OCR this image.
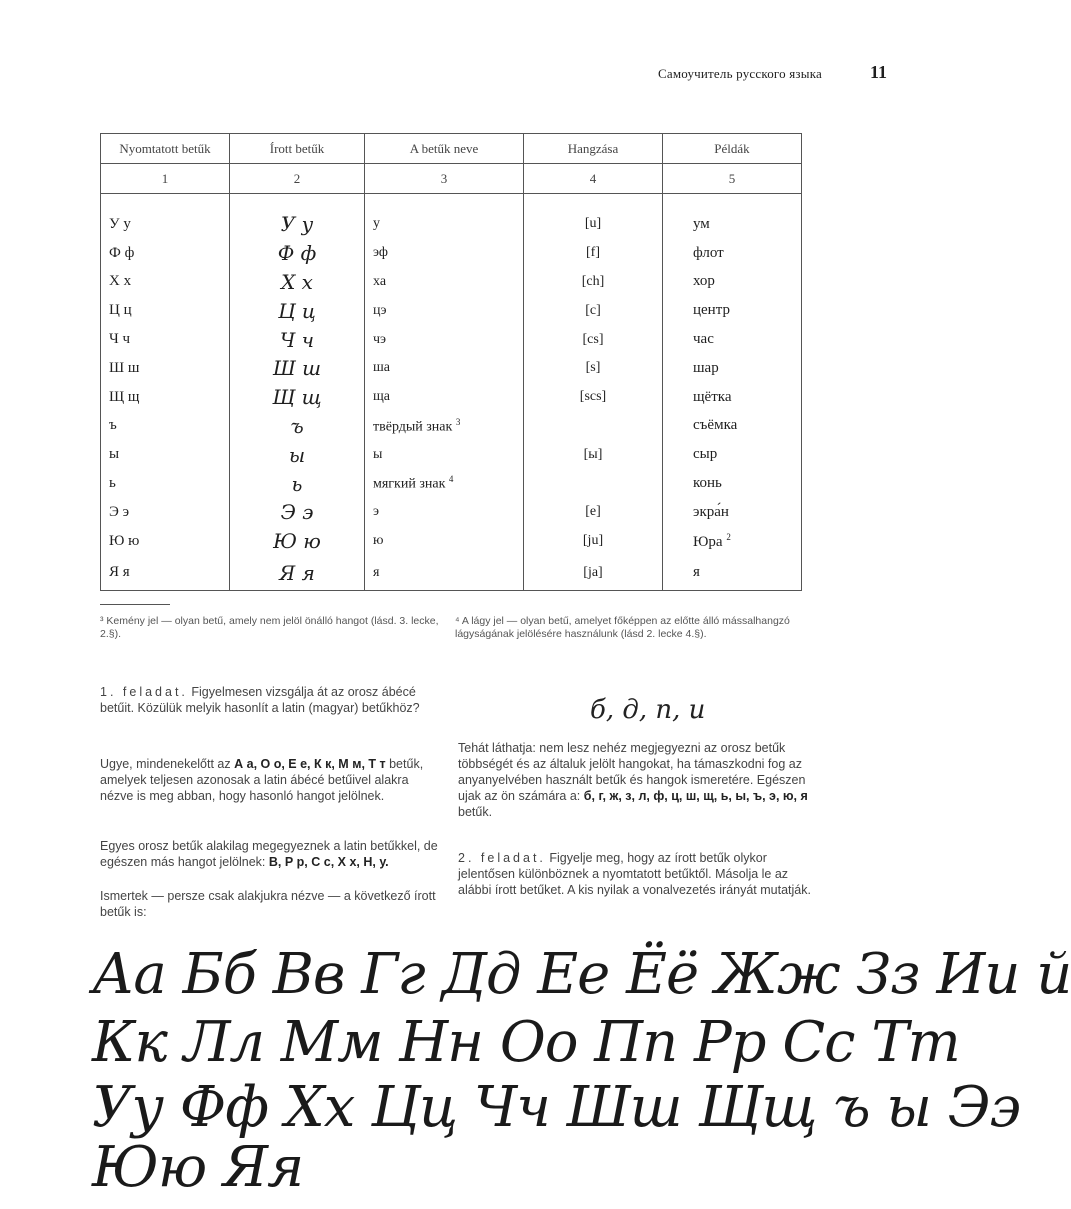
Самоучитель русского языка	11
Nyomtatott betűk	Írott betűk	A betűk neve	Hangzása	Példák
1	2	3	4	5

У у	У у	у	[u]	ум
Ф ф	Ф ф	эф	[f]	флот
Х х	Х х	ха	[ch]	хор
Ц ц	Ц ц	цэ	[c]	центр
Ч ч	Ч ч	чэ	[cs]	час
Ш ш	Ш ш	ша	[s]	шар
Щ щ	Щ щ	ща	[scs]	щётка
ъ	ъ	твёрдый знак $^3$		съёмка
ы	ы	ы	[ы]	сыр
ь	ь	мягкий знак $^4$		конь
Э э	Э э	э	[e]	экра́н
Ю ю	Ю ю	ю	[ju]	Юра $^2$
Я я	Я я	я	[ja]	я
³ Kemény jel — olyan betű, amely nem jelöl önálló hangot (lásd. 3. lecke, 2.§).
⁴ A lágy jel — olyan betű, amelyet főképpen az előtte álló mássalhangzó lágyságának jelölésére használunk (lásd 2. lecke 4.§).
1. feladat. Figyelmesen vizsgálja át az orosz ábécé betűit. Közülük melyik hasonlít a latin (magyar) betűkhöz?
Ugye, mindenekelőtt az А а, О о, Е е, К к, М м, Т т betűk, amelyek teljesen azonosak a latin ábécé betűivel alakra nézve is meg abban, hogy hasonló hangot jelölnek.
Egyes orosz betűk alakilag megegyeznek a latin betűkkel, de egészen más hangot jelölnek: В, Р р, С с, Х х, Н, у.
Ismertek — persze csak alakjukra nézve — a következő írott betűk is:
б, д, п, и
Tehát láthatja: nem lesz nehéz megjegyezni az orosz betűk többségét és az általuk jelölt hangokat, ha támaszkodni fog az anyanyelvében használt betűk és hangok ismeretére. Egészen ujak az ön számára a: б, г, ж, з, л, ф, ц, ш, щ, ь, ы, ъ, э, ю, я betűk.
2. feladat. Figyelje meg, hogy az írott betűk olykor jelentősen különböznek a nyomtatott betűktől. Másolja le az alábbi írott betűket. A kis nyilak a vonalvezetés irányát mutatják.
Аа Бб Вв Гг Дд Ее Ёё Жж Зз Ии й
Кк Лл Мм Нн Оо Пп Рр Сс Тт
Уу Фф Хх Цц Чч Шш Щщ ъ ы Ээ
Юю Яя
